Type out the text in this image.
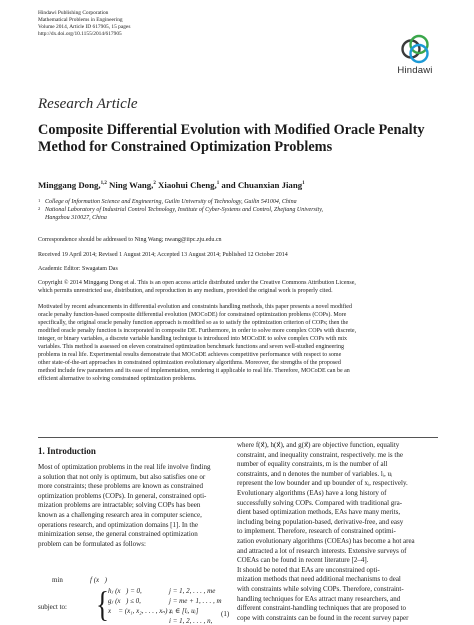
Hindawi Publishing Corporation
Mathematical Problems in Engineering
Volume 2014, Article ID 617905, 15 pages
http://dx.doi.org/10.1155/2014/617905
Hindawi
Research Article
Composite Differential Evolution with Modified Oracle Penalty
Method for Constrained Optimization Problems
Minggang Dong,$^{1,2}$ Ning Wang,$^2$ Xiaohui Cheng,$^1$ and Chuanxian Jiang$^1$
1 College of Information Science and Engineering, Guilin University of Technology, Guilin 541004, China
2 National Laboratory of Industrial Control Technology, Institute of Cyber-Systems and Control, Zhejiang University,
Hangzhou 310027, China
Correspondence should be addressed to Ning Wang; nwang@iipc.zju.edu.cn
Received 19 April 2014; Revised 1 August 2014; Accepted 13 August 2014; Published 12 October 2014
Academic Editor: Swagatam Das
Copyright © 2014 Minggang Dong et al. This is an open access article distributed under the Creative Commons Attribution License,
which permits unrestricted use, distribution, and reproduction in any medium, provided the original work is properly cited.
Motivated by recent advancements in differential evolution and constraints handling methods, this paper presents a novel modified
oracle penalty function-based composite differential evolution (MOCoDE) for constrained optimization problems (COPs). More
specifically, the original oracle penalty function approach is modified so as to satisfy the optimization criterion of COPs; then the
modified oracle penalty function is incorporated in composite DE. Furthermore, in order to solve more complex COPs with discrete,
integer, or binary variables, a discrete variable handling technique is introduced into MOCoDE to solve complex COPs with mix
variables. This method is assessed on eleven constrained optimization benchmark functions and seven well-studied engineering
problems in real life. Experimental results demonstrate that MOCoDE achieves competitive performance with respect to some
other state-of-the-art approaches in constrained optimization evolutionary algorithms. Moreover, the strengths of the proposed
method include few parameters and its ease of implementation, rendering it applicable to real life. Therefore, MOCoDE can be an
efficient alternative to solving constrained optimization problems.
1. Introduction
Most of optimization problems in the real life involve finding
a solution that not only is optimum, but also satisfies one or
more constraints; these problems are known as constrained
optimization problems (COPs). In general, constrained opti-
mization problems are intractable; solving COPs has been
known as a challenging research area in computer science,
operations research, and optimization domains [1]. In the
minimization sense, the general constrained optimization
problem can be formulated as follows:
min	f (x⃗)
subject to: { hⱼ (x⃗) = 0,	j = 1, 2, . . . , me
gⱼ (x⃗) ≤ 0,	j = me + 1, . . . , m
x⃗ = (x₁, x₂, . . . , xₙ) ,
xᵢ ∈ [lᵢ, uᵢ]
i = 1, 2, . . . , n,
(1)
where f(x⃗), h(x⃗), and g(x⃗) are objective function, equality
constraint, and inequality constraint, respectively. me is the
number of equality constraints, m is the number of all
constraints, and n denotes the number of variables. lᵢ, uᵢ
represent the low bounder and up bounder of xᵢ, respectively.
Evolutionary algorithms (EAs) have a long history of
successfully solving COPs. Compared with traditional gra-
dient based optimization methods, EAs have many merits,
including being population-based, derivative-free, and easy
to implement. Therefore, research of constrained optimi-
zation evolutionary algorithms (COEAs) has become a hot area
and attracted a lot of research interests. Extensive surveys of
COEAs can be found in recent literature [2–4].
It should be noted that EAs are unconstrained opti-
mization methods that need additional mechanisms to deal
with constraints while solving COPs. Therefore, constraint-
handling techniques for EAs attract many researchers, and
different constraint-handling techniques that are proposed to
cope with constraints can be found in the recent survey paper
